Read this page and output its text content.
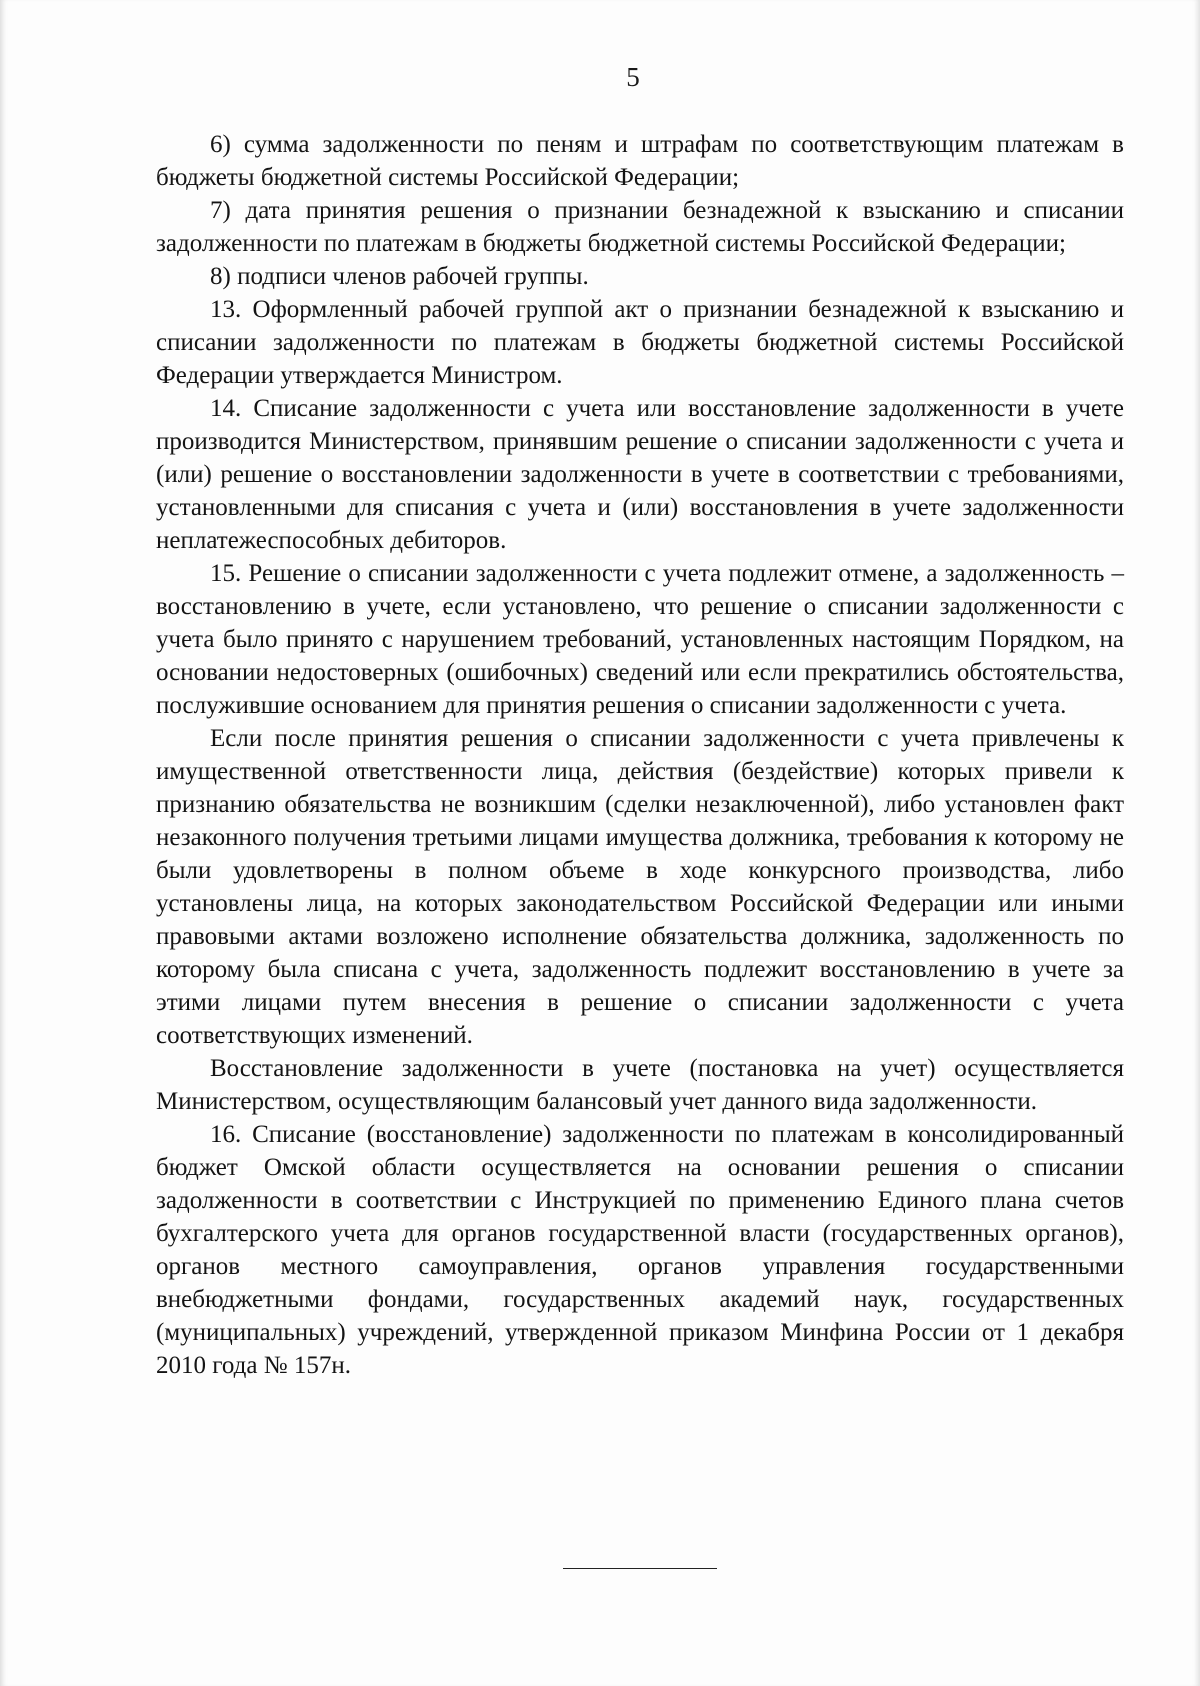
5

6) сумма задолженности по пеням и штрафам по соответствующим платежам в бюджеты бюджетной системы Российской Федерации;

7) дата принятия решения о признании безнадежной к взысканию и списании задолженности по платежам в бюджеты бюджетной системы Российской Федерации;

8) подписи членов рабочей группы.

13. Оформленный рабочей группой акт о признании безнадежной к взысканию и списании задолженности по платежам в бюджеты бюджетной системы Российской Федерации утверждается Министром.

14. Списание задолженности с учета или восстановление задолженности в учете производится Министерством, принявшим решение о списании задолженности с учета и (или) решение о восстановлении задолженности в учете в соответствии с требованиями, установленными для списания с учета и (или) восстановления в учете задолженности неплатежеспособных дебиторов.

15. Решение о списании задолженности с учета подлежит отмене, а задолженность – восстановлению в учете, если установлено, что решение о списании задолженности с учета было принято с нарушением требований, установленных настоящим Порядком, на основании недостоверных (ошибочных) сведений или если прекратились обстоятельства, послужившие основанием для принятия решения о списании задолженности с учета.

Если после принятия решения о списании задолженности с учета привлечены к имущественной ответственности лица, действия (бездействие) которых привели к признанию обязательства не возникшим (сделки незаключенной), либо установлен факт незаконного получения третьими лицами имущества должника, требования к которому не были удовлетворены в полном объеме в ходе конкурсного производства, либо установлены лица, на которых законодательством Российской Федерации или иными правовыми актами возложено исполнение обязательства должника, задолженность по которому была списана с учета, задолженность подлежит восстановлению в учете за этими лицами путем внесения в решение о списании задолженности с учета соответствующих изменений.

Восстановление задолженности в учете (постановка на учет) осуществляется Министерством, осуществляющим балансовый учет данного вида задолженности.

16. Списание (восстановление) задолженности по платежам в консолидированный бюджет Омской области осуществляется на основании решения о списании задолженности в соответствии с Инструкцией по применению Единого плана счетов бухгалтерского учета для органов государственной власти (государственных органов), органов местного самоуправления, органов управления государственными внебюджетными фондами, государственных академий наук, государственных (муниципальных) учреждений, утвержденной приказом Минфина России от 1 декабря 2010 года № 157н.
